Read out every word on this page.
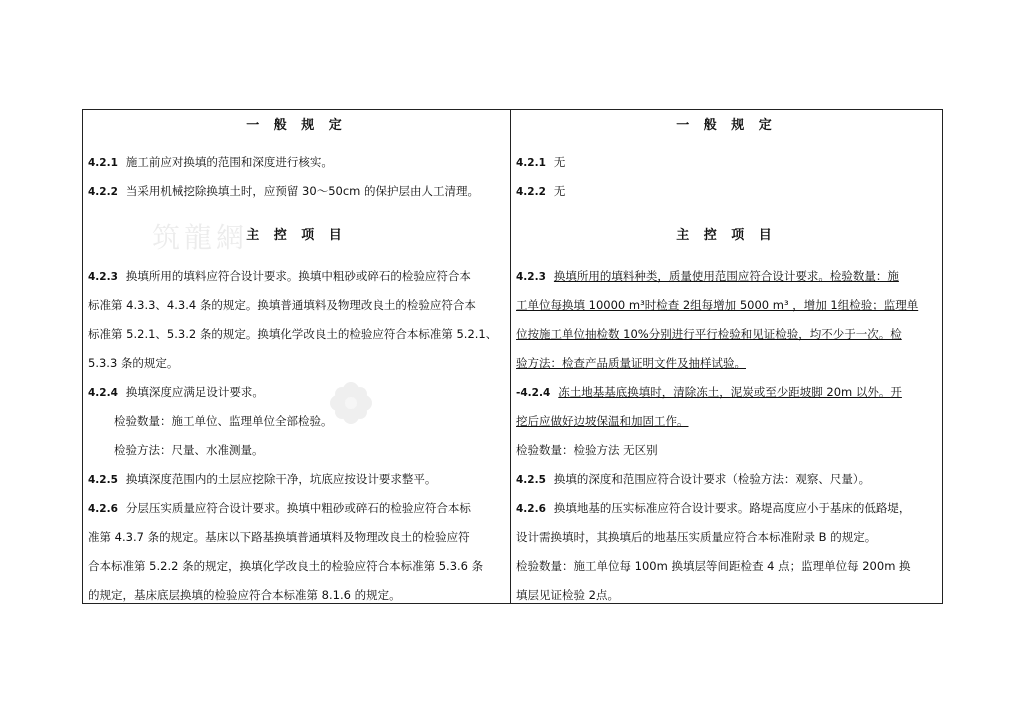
筑龍網
一 般 规 定
4.2.1 施工前应对换填的范围和深度进行核实。
4.2.2 当采用机械挖除换填土时，应预留 30～50cm 的保护层由人工清理。
主 控 项 目
4.2.3 换填所用的填料应符合设计要求。换填中粗砂或碎石的检验应符合本
标准第 4.3.3、4.3.4 条的规定。换填普通填料及物理改良土的检验应符合本
标准第 5.2.1、5.3.2 条的规定。换填化学改良土的检验应符合本标准第 5.2.1、
5.3.3 条的规定。
4.2.4 换填深度应满足设计要求。
检验数量：施工单位、监理单位全部检验。
检验方法：尺量、水准测量。
4.2.5 换填深度范围内的土层应挖除干净，坑底应按设计要求整平。
4.2.6 分层压实质量应符合设计要求。换填中粗砂或碎石的检验应符合本标
准第 4.3.7 条的规定。基床以下路基换填普通填料及物理改良土的检验应符
合本标准第 5.2.2 条的规定，换填化学改良土的检验应符合本标准第 5.3.6 条
的规定，基床底层换填的检验应符合本标准第 8.1.6 的规定。
一 般 规 定
4.2.1 无
4.2.2 无
主 控 项 目
4.2.3 换填所用的填料种类，质量使用范围应符合设计要求。检验数量：施
工单位每换填 10000 m³时检查 2组每增加 5000 m³ ，增加 1组检验；监理单
位按施工单位抽检数 10%分别进行平行检验和见证检验，均不少于一次。检
验方法：检查产品质量证明文件及抽样试验。
-4.2.4 冻土地基基底换填时，清除冻土，泥炭或至少距坡脚 20m 以外。开
挖后应做好边坡保温和加固工作。
检验数量：检验方法 无区别
4.2.5 换填的深度和范围应符合设计要求（检验方法：观察、尺量）。
4.2.6 换填地基的压实标准应符合设计要求。路堤高度应小于基床的低路堤，
设计需换填时，其换填后的地基压实质量应符合本标准附录 B 的规定。
检验数量：施工单位每 100m 换填层等间距检查 4 点；监理单位每 200m 换
填层见证检验 2点。
